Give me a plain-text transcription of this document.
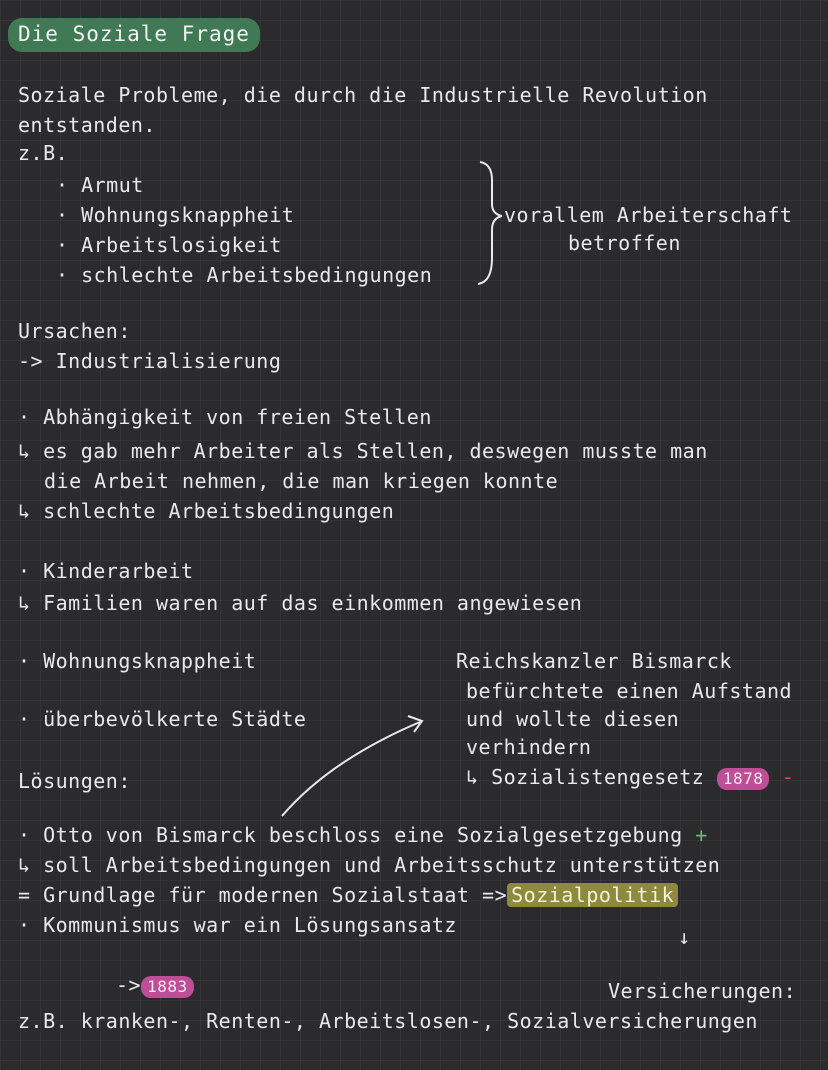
Die Soziale Frage
Soziale Probleme, die durch die Industrielle Revolution
entstanden.
z.B.
· Armut
· Wohnungsknappheit
· Arbeitslosigkeit
· schlechte Arbeitsbedingungen
vorallem Arbeiterschaft
betroffen
Ursachen:
-> Industrialisierung
· Abhängigkeit von freien Stellen
↳ es gab mehr Arbeiter als Stellen, deswegen musste man
die Arbeit nehmen, die man kriegen konnte
↳ schlechte Arbeitsbedingungen
· Kinderarbeit
↳ Familien waren auf das einkommen angewiesen
· Wohnungsknappheit
· überbevölkerte Städte
Reichskanzler Bismarck
befürchtete einen Aufstand
und wollte diesen
verhindern
↳ Sozialistengesetz 1878 -
Lösungen:
· Otto von Bismarck beschloss eine Sozialgesetzgebung +
↳ soll Arbeitsbedingungen und Arbeitsschutz unterstützen
= Grundlage für modernen Sozialstaat => Sozialpolitik
· Kommunismus war ein Lösungsansatz	↓
-> 1883	Versicherungen:
z.B. kranken-, Renten-, Arbeitslosen-, Sozialversicherungen
